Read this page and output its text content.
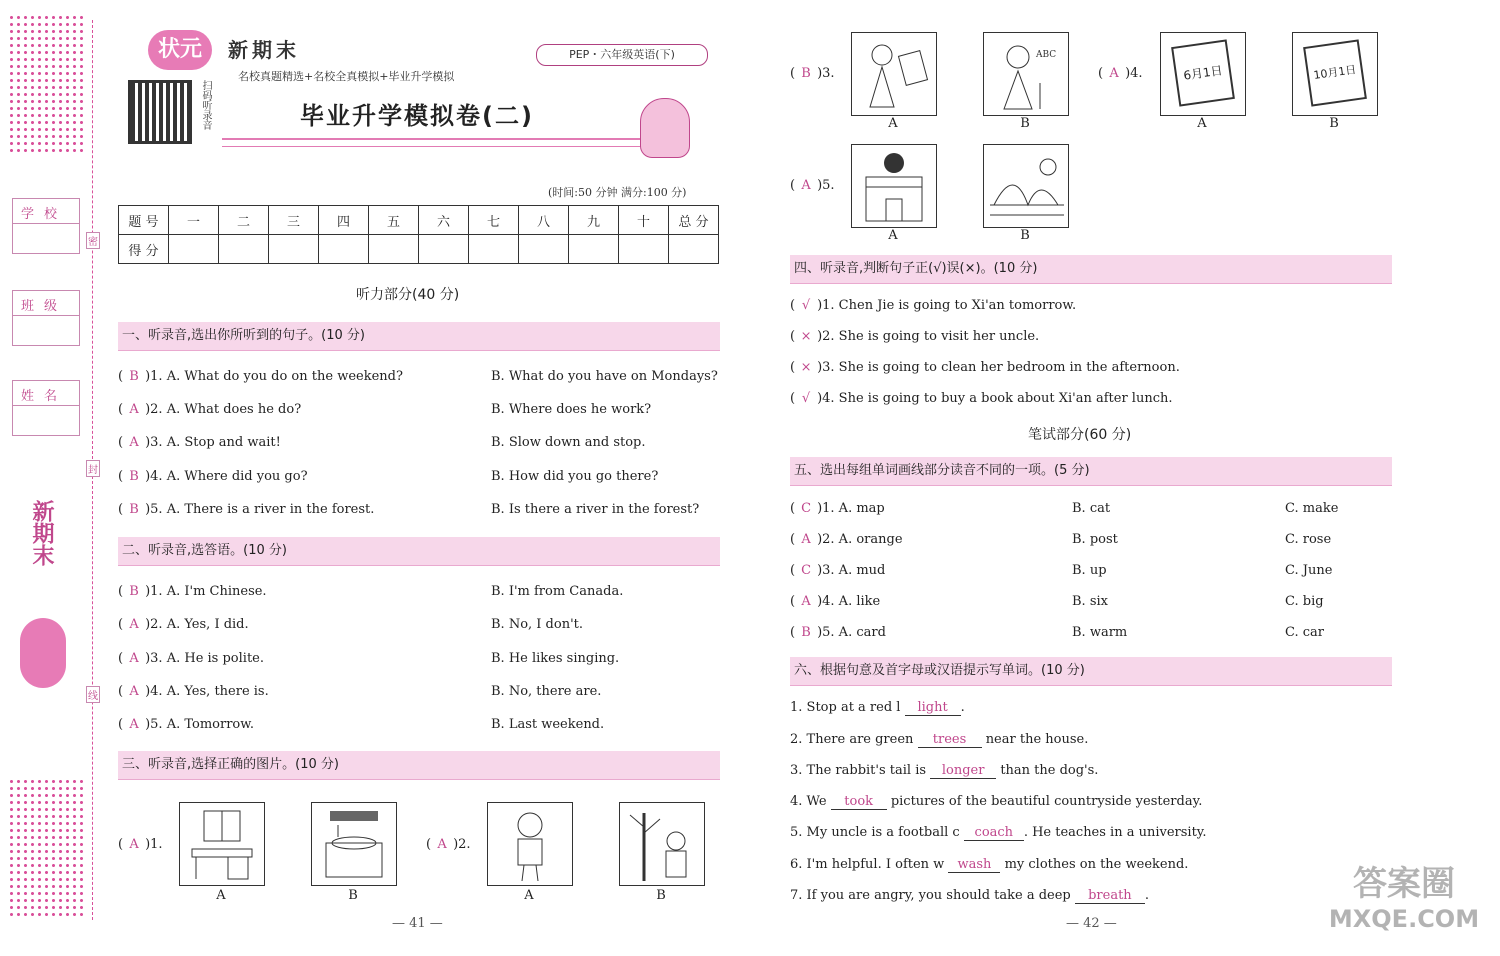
密
封
线
学校
班级
姓名
新期末
状元	新期末	PEP・六年级英语(下)
名校真题精选+名校全真模拟+毕业升学模拟
扫码听录音	毕业升学模拟卷(二)
(时间:50 分钟 满分:100 分)
题 号	一	二	三	四	五	六	七	八	九	十	总 分
得 分											
听力部分(40 分)
一、听录音,选出你所听到的句子。(10 分)
( B )1. A. What do you do on the weekend?	B. What do you have on Mondays?
( A )2. A. What does he do?	B. Where does he work?
( A )3. A. Stop and wait!	B. Slow down and stop.
( B )4. A. Where did you go?	B. How did you go there?
( B )5. A. There is a river in the forest.	B. Is there a river in the forest?
二、听录音,选答语。(10 分)
( B )1. A. I'm Chinese.	B. I'm from Canada.
( A )2. A. Yes, I did.	B. No, I don't.
( A )3. A. He is polite.	B. He likes singing.
( A )4. A. Yes, there is.	B. No, there are.
( A )5. A. Tomorrow.	B. Last weekend.
三、听录音,选择正确的图片。(10 分)
( A )1.
A	B
( A )2.
A	B
— 41 —
( B )3.
A
ABC
B
( A )4.	6月1日
A
10月1日
B
( A )5.
A	B
四、听录音,判断句子正(√)误(×)。(10 分)
( √ )1. Chen Jie is going to Xi'an tomorrow.
( × )2. She is going to visit her uncle.
( × )3. She is going to clean her bedroom in the afternoon.
( √ )4. She is going to buy a book about Xi'an after lunch.
笔试部分(60 分)
五、选出每组单词画线部分读音不同的一项。(5 分)
( C )1. A. map	B. cat	C. make
( A )2. A. orange	B. post	C. rose
( C )3. A. mud	B. up	C. June
( A )4. A. like	B. six	C. big
( B )5. A. card	B. warm	C. car
六、根据句意及首字母或汉语提示写单词。(10 分)
1. Stop at a red l light .
2. There are green trees near the house.
3. The rabbit's tail is longer than the dog's.
4. We took pictures of the beautiful countryside yesterday.
5. My uncle is a football c coach . He teaches in a university.
6. I'm helpful. I often w wash my clothes on the weekend.
7. If you are angry, you should take a deep breath .
— 42 —
答案圈
MXQE.COM
